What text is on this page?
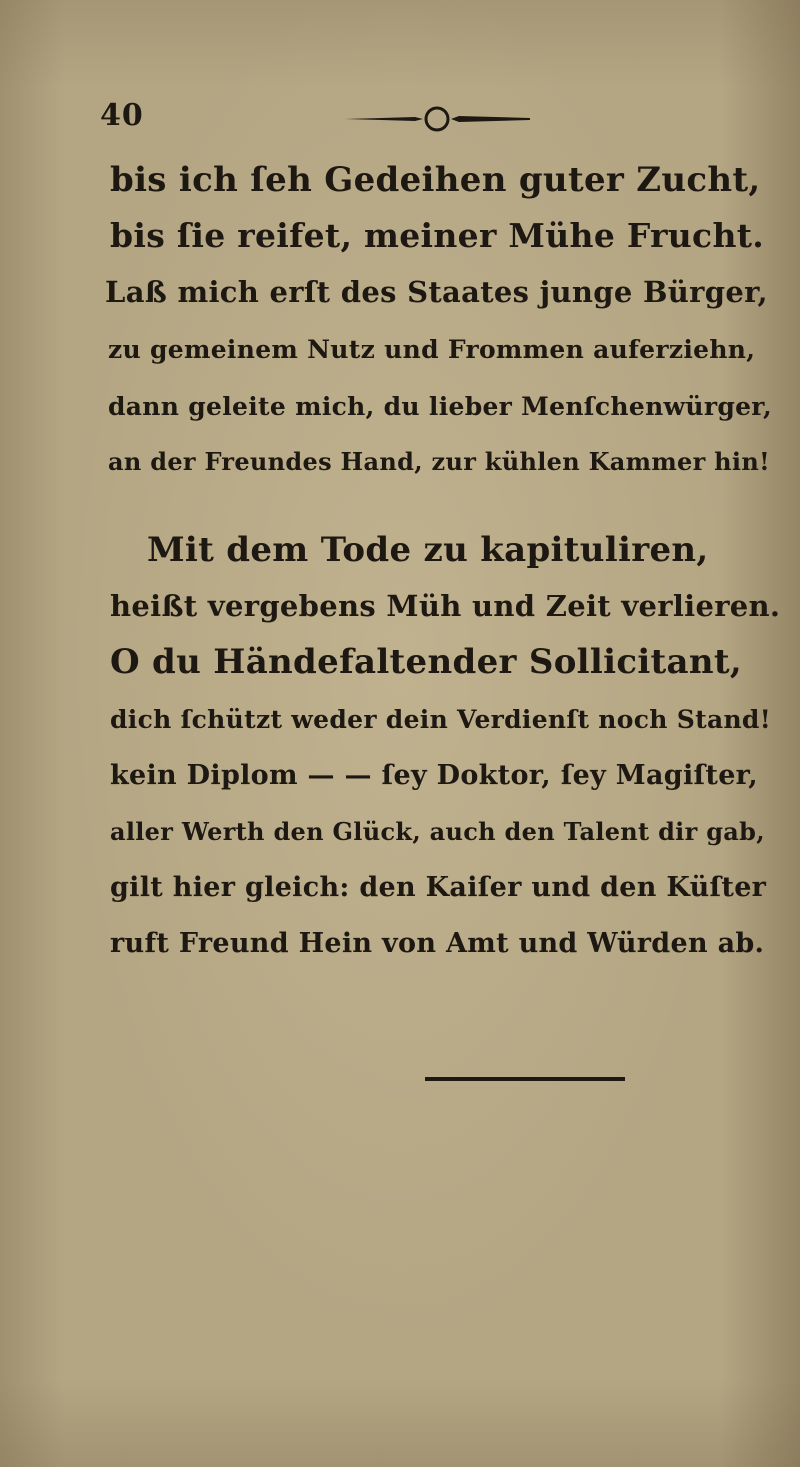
40
bis ich ſeh Gedeihen guter Zucht,
bis ſie reifet, meiner Mühe Frucht.
Laß mich erſt des Staates junge Bürger,
zu gemeinem Nutz und Frommen auferziehn,
dann geleite mich, du lieber Menſchenwürger,
an der Freundes Hand, zur kühlen Kammer hin!
Mit dem Tode zu kapituliren,
heißt vergebens Müh und Zeit verlieren.
O du Händefaltender Sollicitant,
dich ſchützt weder dein Verdienſt noch Stand!
kein Diplom — — ſey Doktor, ſey Magiſter,
aller Werth den Glück, auch den Talent dir gab,
gilt hier gleich: den Kaiſer und den Küſter
ruft Freund Hein von Amt und Würden ab.
